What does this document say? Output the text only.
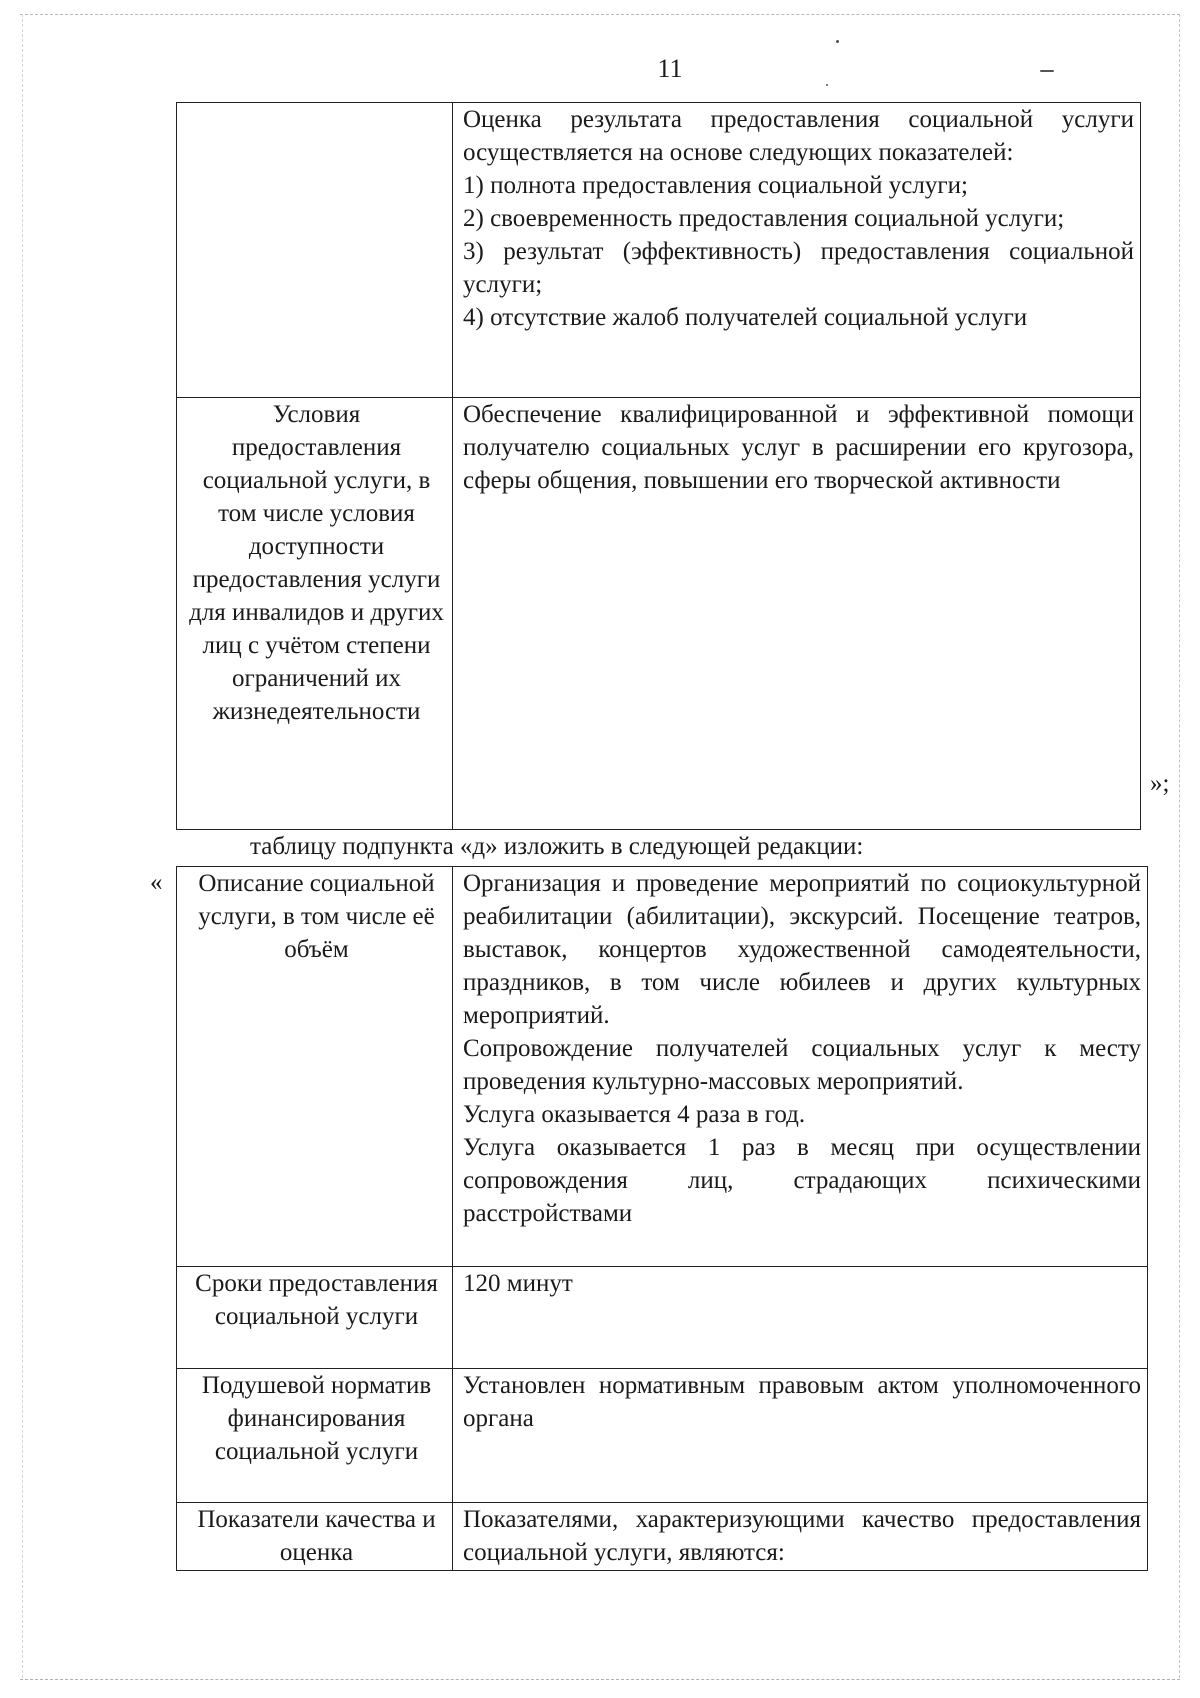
11

	Оценка результата предоставления социальной услуги осуществляется на основе следующих показателей:

1) полнота предоставления социальной услуги;

2) своевременность предоставления социальной услуги;

3) результат (эффективность) предоставления социальной услуги;

4) отсутствие жалоб получателей социальной услуги

Условия предоставления социальной услуги, в том числе условия доступности предоставления услуги для инвалидов и других лиц с учётом степени ограничений их жизнедеятельности	Обеспечение квалифицированной и эффективной помощи получателю социальных услуг в расширении его кругозора, сферы общения, повышении его творческой активности

»;
таблицу подпункта «д» изложить в следующей редакции:
« Описание социальной услуги, в том числе её объём	Организация и проведение мероприятий по социокультурной реабилитации (абилитации), экскурсий. Посещение театров, выставок, концертов художественной самодеятельности, праздников, в том числе юбилеев и других культурных мероприятий.

Сопровождение получателей социальных услуг к месту проведения культурно-массовых мероприятий.

Услуга оказывается 4 раза в год.

Услуга оказывается 1 раз в месяц при осуществлении сопровождения лиц, страдающих психическими расстройствами

Сроки предоставления социальной услуги	120 минут

Подушевой норматив финансирования социальной услуги	Установлен нормативным правовым актом уполномоченного органа

Показатели качества и оценка	Показателями, характеризующими качество предоставления социальной услуги, являются:
